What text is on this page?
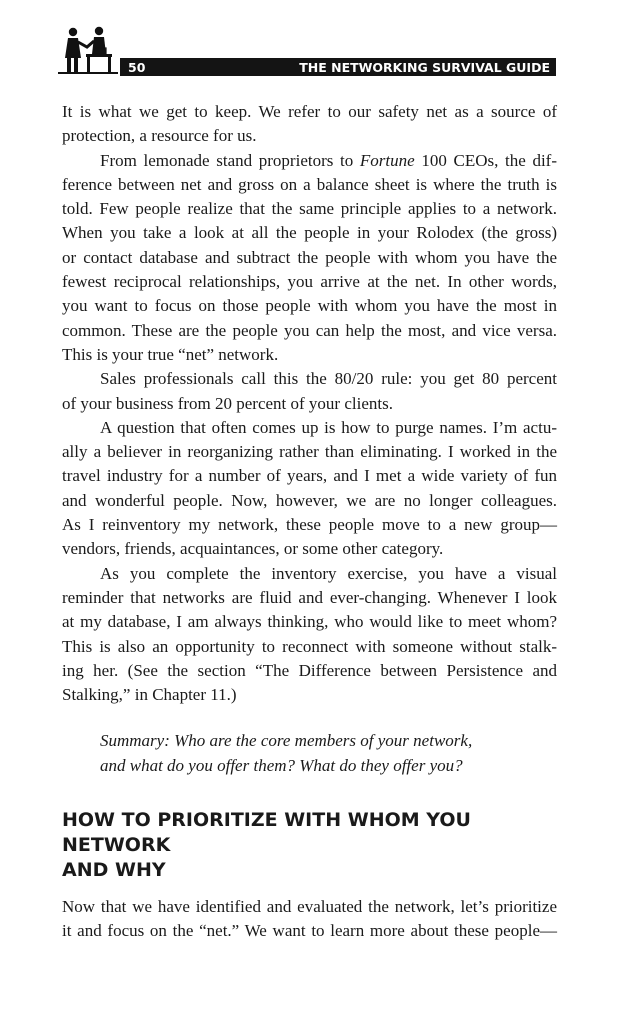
50	THE NETWORKING SURVIVAL GUIDE

It is what we get to keep. We refer to our safety net as a source of
protection, a resource for us.

From lemonade stand proprietors to Fortune 100 CEOs, the dif-
ference between net and gross on a balance sheet is where the truth is
told. Few people realize that the same principle applies to a network.
When you take a look at all the people in your Rolodex (the gross)
or contact database and subtract the people with whom you have the
fewest reciprocal relationships, you arrive at the net. In other words,
you want to focus on those people with whom you have the most in
common. These are the people you can help the most, and vice versa.
This is your true “net” network.

Sales professionals call this the 80/20 rule: you get 80 percent
of your business from 20 percent of your clients.

A question that often comes up is how to purge names. I’m actu-
ally a believer in reorganizing rather than eliminating. I worked in the
travel industry for a number of years, and I met a wide variety of fun
and wonderful people. Now, however, we are no longer colleagues.
As I reinventory my network, these people move to a new group—
vendors, friends, acquaintances, or some other category.

As you complete the inventory exercise, you have a visual
reminder that networks are fluid and ever-changing. Whenever I look
at my database, I am always thinking, who would like to meet whom?
This is also an opportunity to reconnect with someone without stalk-
ing her. (See the section “The Difference between Persistence and
Stalking,” in Chapter 11.)

Summary: Who are the core members of your network,
and what do you offer them? What do they offer you?
HOW TO PRIORITIZE WITH WHOM YOU NETWORK
AND WHY

Now that we have identified and evaluated the network, let’s prioritize
it and focus on the “net.” We want to learn more about these people—
